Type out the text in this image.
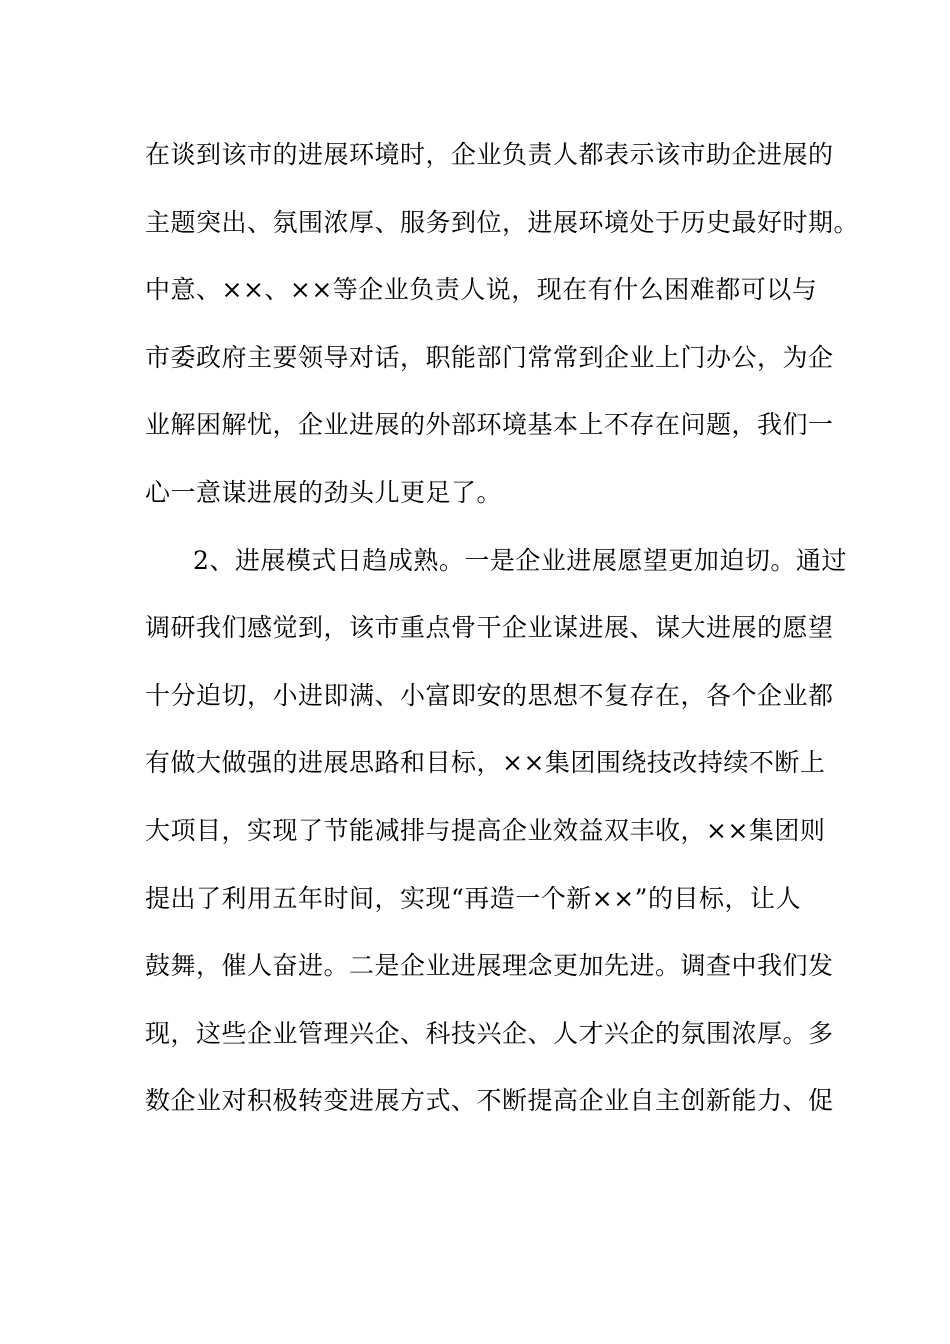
在谈到该市的进展环境时，企业负责人都表示该市助企进展的
主题突出、氛围浓厚、服务到位，进展环境处于历史最好时期。
中意、××、××等企业负责人说，现在有什么困难都可以与
市委政府主要领导对话，职能部门常常到企业上门办公，为企
业解困解忧，企业进展的外部环境基本上不存在问题，我们一
心一意谋进展的劲头儿更足了。
2、进展模式日趋成熟。一是企业进展愿望更加迫切。通过
调研我们感觉到，该市重点骨干企业谋进展、谋大进展的愿望
十分迫切，小进即满、小富即安的思想不复存在，各个企业都
有做大做强的进展思路和目标，××集团围绕技改持续不断上
大项目，实现了节能减排与提高企业效益双丰收，××集团则
提出了利用五年时间，实现“再造一个新××”的目标，让人
鼓舞，催人奋进。二是企业进展理念更加先进。调查中我们发
现，这些企业管理兴企、科技兴企、人才兴企的氛围浓厚。多
数企业对积极转变进展方式、不断提高企业自主创新能力、促
